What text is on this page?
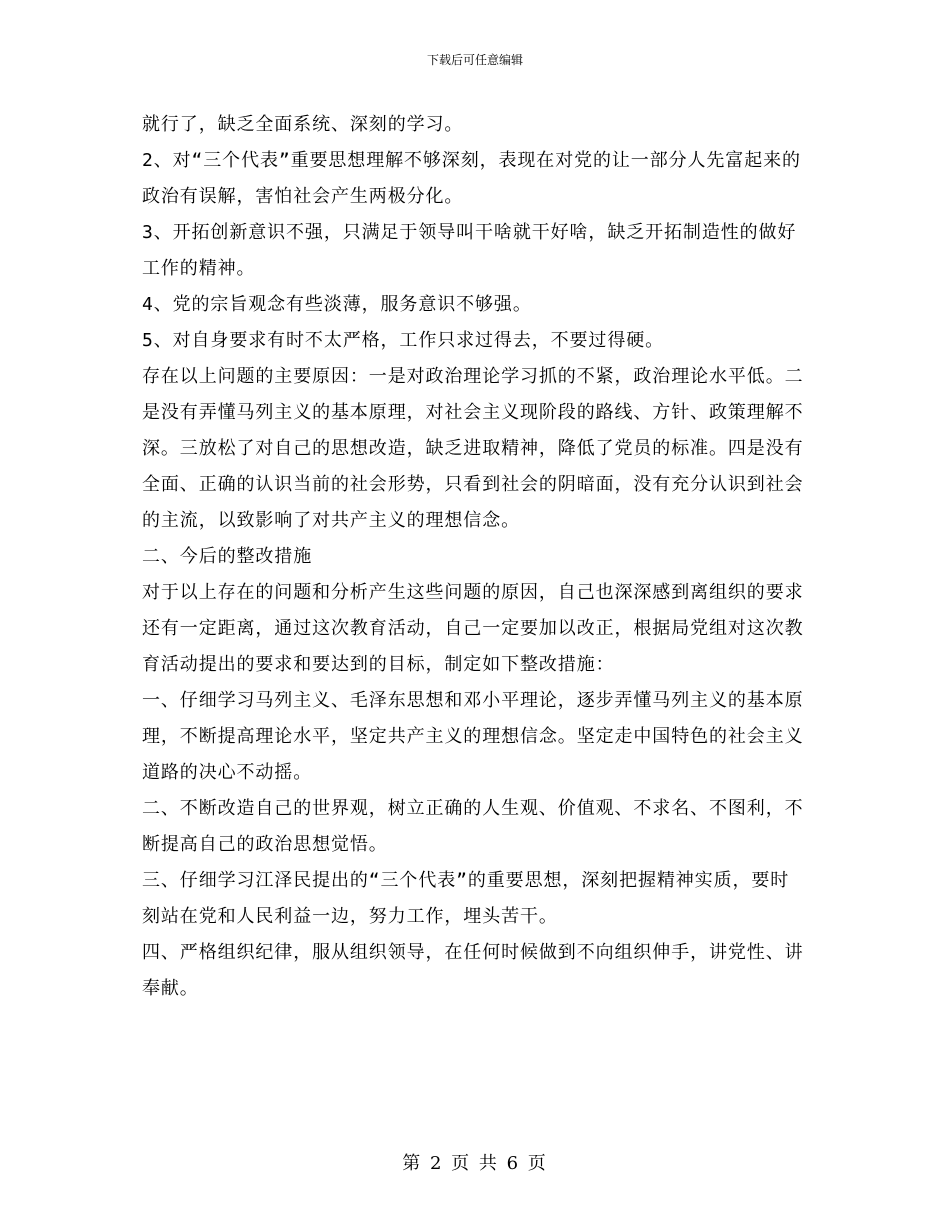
下载后可任意编辑

就行了，缺乏全面系统、深刻的学习。

2、对“三个代表”重要思想理解不够深刻，表现在对党的让一部分人先富起来的政治有误解，害怕社会产生两极分化。

3、开拓创新意识不强，只满足于领导叫干啥就干好啥，缺乏开拓制造性的做好工作的精神。

4、党的宗旨观念有些淡薄，服务意识不够强。

5、对自身要求有时不太严格，工作只求过得去，不要过得硬。

存在以上问题的主要原因：一是对政治理论学习抓的不紧，政治理论水平低。二是没有弄懂马列主义的基本原理，对社会主义现阶段的路线、方针、政策理解不深。三放松了对自己的思想改造，缺乏进取精神，降低了党员的标准。四是没有全面、正确的认识当前的社会形势，只看到社会的阴暗面，没有充分认识到社会的主流，以致影响了对共产主义的理想信念。

二、今后的整改措施

对于以上存在的问题和分析产生这些问题的原因，自己也深深感到离组织的要求还有一定距离，通过这次教育活动，自己一定要加以改正，根据局党组对这次教育活动提出的要求和要达到的目标，制定如下整改措施：

一、仔细学习马列主义、毛泽东思想和邓小平理论，逐步弄懂马列主义的基本原理，不断提高理论水平，坚定共产主义的理想信念。坚定走中国特色的社会主义道路的决心不动摇。

二、不断改造自己的世界观，树立正确的人生观、价值观、不求名、不图利，不断提高自己的政治思想觉悟。

三、仔细学习江泽民提出的“三个代表”的重要思想，深刻把握精神实质，要时刻站在党和人民利益一边，努力工作，埋头苦干。

四、严格组织纪律，服从组织领导，在任何时候做到不向组织伸手，讲党性、讲奉献。

第 2 页 共 6 页
